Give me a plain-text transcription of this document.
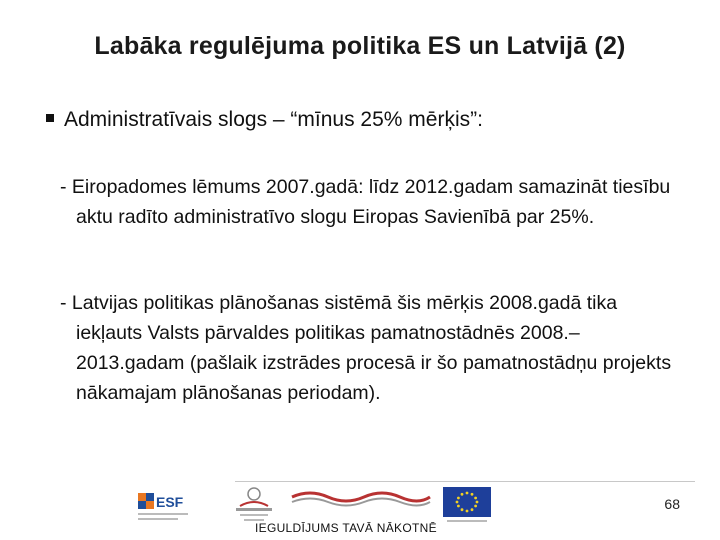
Labāka regulējuma politika ES un Latvijā (2)
Administratīvais slogs – “mīnus 25% mērķis”:
- Eiropadomes lēmums 2007.gadā: līdz 2012.gadam samazināt tiesību aktu radīto administratīvo slogu Eiropas Savienībā par 25%.
- Latvijas politikas plānošanas sistēmā šis mērķis 2008.gadā tika iekļauts Valsts pārvaldes politikas pamatnostādnēs 2008.–2013.gadam (pašlaik izstrādes procesā ir šo pamatnostādņu projekts nākamajam plānošanas periodam).
ESF	68
IEGULDĪJUMS TAVĀ NĀKOTNĒ
